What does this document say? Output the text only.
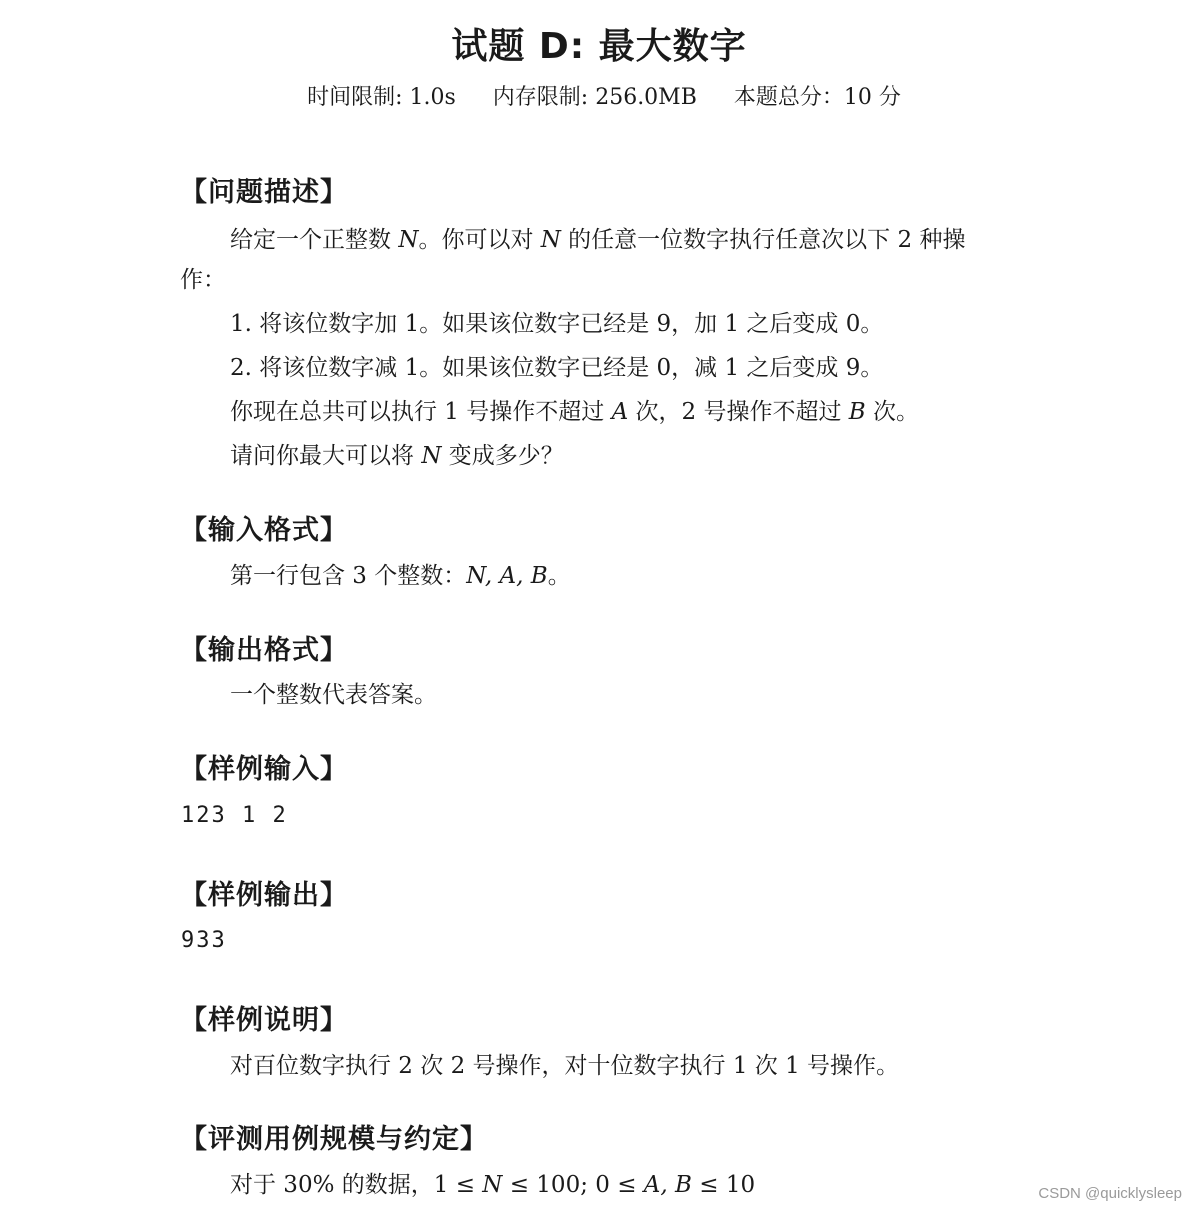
试题 D: 最大数字
时间限制: 1.0s 内存限制: 256.0MB 本题总分：10 分
【问题描述】
给定一个正整数 N。你可以对 N 的任意一位数字执行任意次以下 2 种操
作：
1. 将该位数字加 1。如果该位数字已经是 9，加 1 之后变成 0。
2. 将该位数字减 1。如果该位数字已经是 0，减 1 之后变成 9。
你现在总共可以执行 1 号操作不超过 A 次，2 号操作不超过 B 次。
请问你最大可以将 N 变成多少？
【输入格式】
第一行包含 3 个整数：N, A, B。
【输出格式】
一个整数代表答案。
【样例输入】
123 1 2
【样例输出】
933
【样例说明】
对百位数字执行 2 次 2 号操作，对十位数字执行 1 次 1 号操作。
【评测用例规模与约定】
对于 30% 的数据，1 ≤ N ≤ 100; 0 ≤ A, B ≤ 10	CSDN @quicklysleep
